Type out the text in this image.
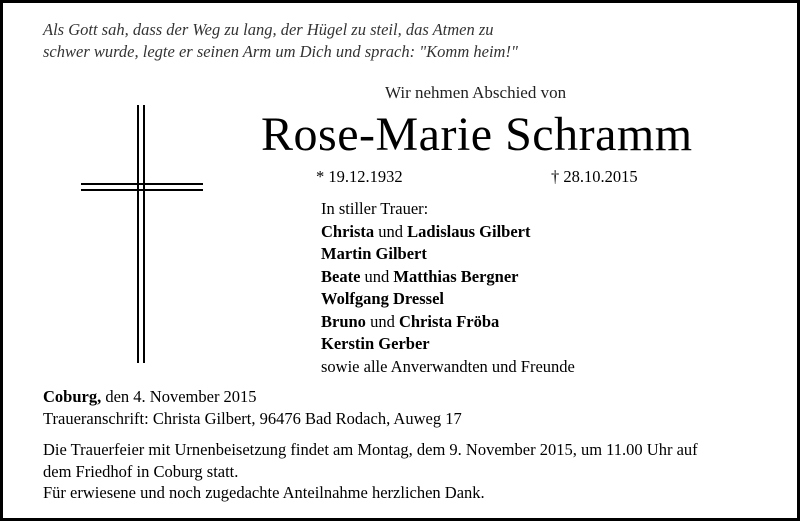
Als Gott sah, dass der Weg zu lang, der Hügel zu steil, das Atmen zu
schwer wurde, legte er seinen Arm um Dich und sprach: "Komm heim!"
Wir nehmen Abschied von
Rose-Marie Schramm
* 19.12.1932	† 28.10.2015
In stiller Trauer:
Christa und Ladislaus Gilbert
Martin Gilbert
Beate und Matthias Bergner
Wolfgang Dressel
Bruno und Christa Fröba
Kerstin Gerber
sowie alle Anverwandten und Freunde
Coburg, den 4. November 2015
Traueranschrift: Christa Gilbert, 96476 Bad Rodach, Auweg 17
Die Trauerfeier mit Urnenbeisetzung findet am Montag, dem 9. November 2015, um 11.00 Uhr auf
dem Friedhof in Coburg statt.
Für erwiesene und noch zugedachte Anteilnahme herzlichen Dank.
